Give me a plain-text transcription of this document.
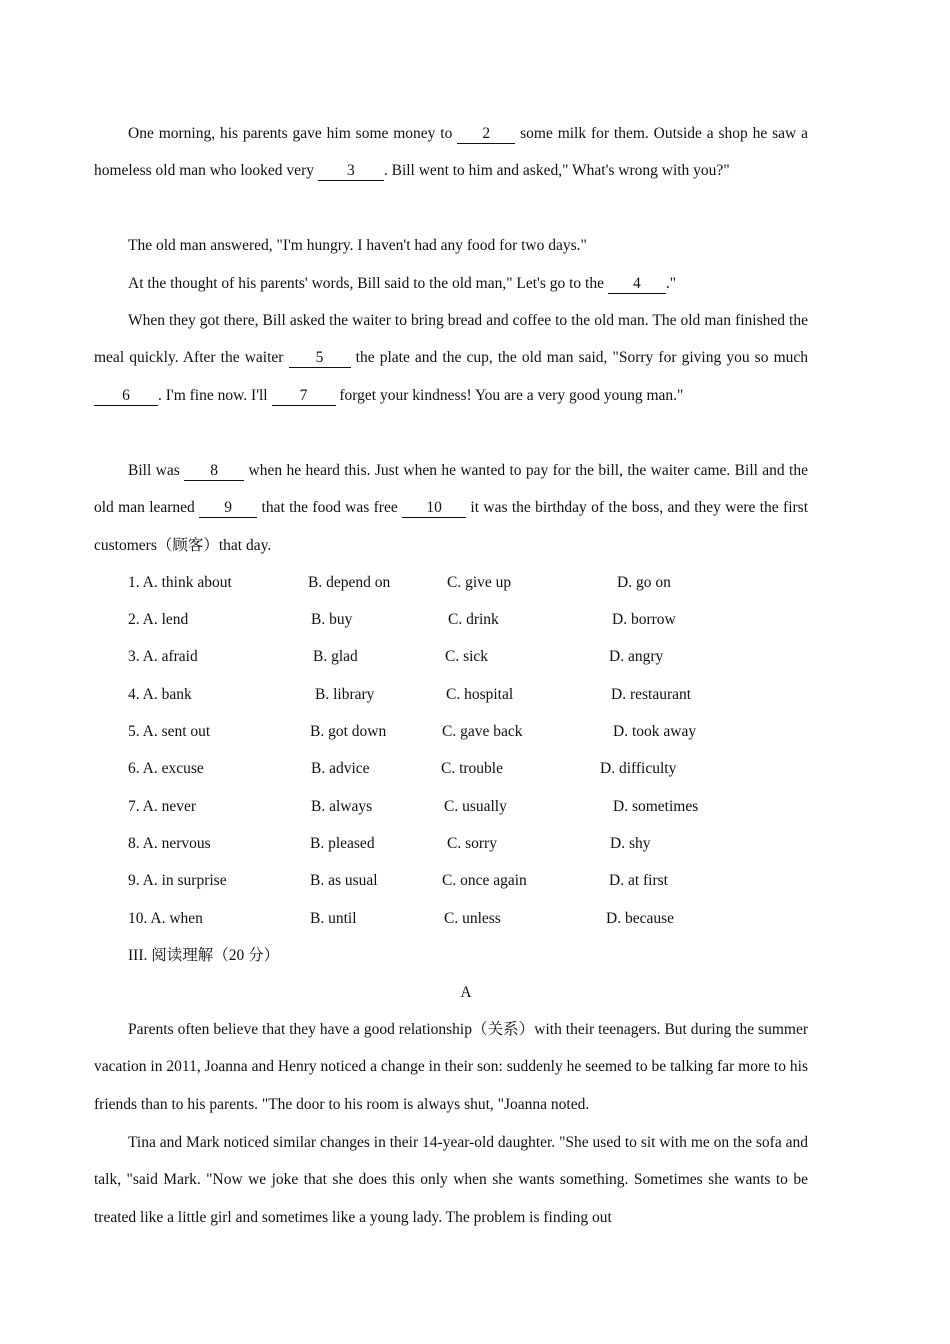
One morning, his parents gave him some money to 2 some milk for them. Outside a shop he saw a homeless old man who looked very 3 . Bill went to him and asked," What's wrong with you?"

The old man answered, "I'm hungry. I haven't had any food for two days."

At the thought of his parents' words, Bill said to the old man," Let's go to the 4 ."

When they got there, Bill asked the waiter to bring bread and coffee to the old man. The old man finished the meal quickly. After the waiter 5 the plate and the cup, the old man said, "Sorry for giving you so much 6 . I'm fine now. I'll 7 forget your kindness! You are a very good young man."

Bill was 8 when he heard this. Just when he wanted to pay for the bill, the waiter came. Bill and the old man learned 9 that the food was free 10 it was the birthday of the boss, and they were the first customers（顾客）that day.

1. A. think about	B. depend on	C. give up	D. go on
2. A. lend	B. buy	C. drink	D. borrow
3. A. afraid	B. glad	C. sick	D. angry
4. A. bank	B. library	C. hospital	D. restaurant
5. A. sent out	B. got down	C. gave back	D. took away
6. A. excuse	B. advice	C. trouble	D. difficulty
7. A. never	B. always	C. usually	D. sometimes
8. A. nervous	B. pleased	C. sorry	D. shy
9. A. in surprise	B. as usual	C. once again	D. at first
10. A. when	B. until	C. unless	D. because
III. 阅读理解（20 分）
A

Parents often believe that they have a good relationship（关系）with their teenagers. But during the summer vacation in 2011, Joanna and Henry noticed a change in their son: suddenly he seemed to be talking far more to his friends than to his parents. "The door to his room is always shut, "Joanna noted.

Tina and Mark noticed similar changes in their 14-year-old daughter. "She used to sit with me on the sofa and talk, "said Mark. "Now we joke that she does this only when she wants something. Sometimes she wants to be treated like a little girl and sometimes like a young lady. The problem is finding out
